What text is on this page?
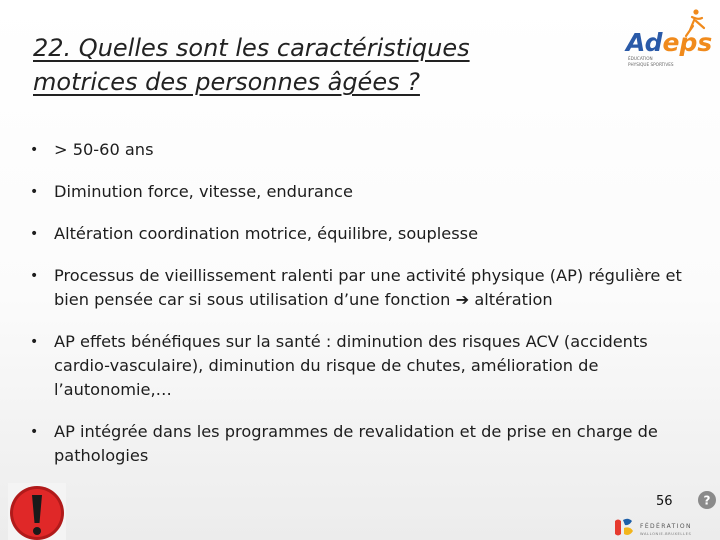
22. Quelles sont les caractéristiques
motrices des personnes âgées ?
Adeps
ÉDUCATION
PHYSIQUE SPORTIVES
• > 50-60 ans
• Diminution force, vitesse, endurance
• Altération coordination motrice, équilibre, souplesse
• Processus de vieillissement ralenti par une activité physique (AP) régulière et bien pensée car si sous utilisation d’une fonction ➔ altération
• AP effets bénéfiques sur la santé : diminution des risques ACV (accidents cardio-vasculaire), diminution du risque de chutes, amélioration de l’autonomie,…
• AP intégrée dans les programmes de revalidation et de prise en charge de pathologies
56	?
FÉDÉRATION
WALLONIE-BRUXELLES
